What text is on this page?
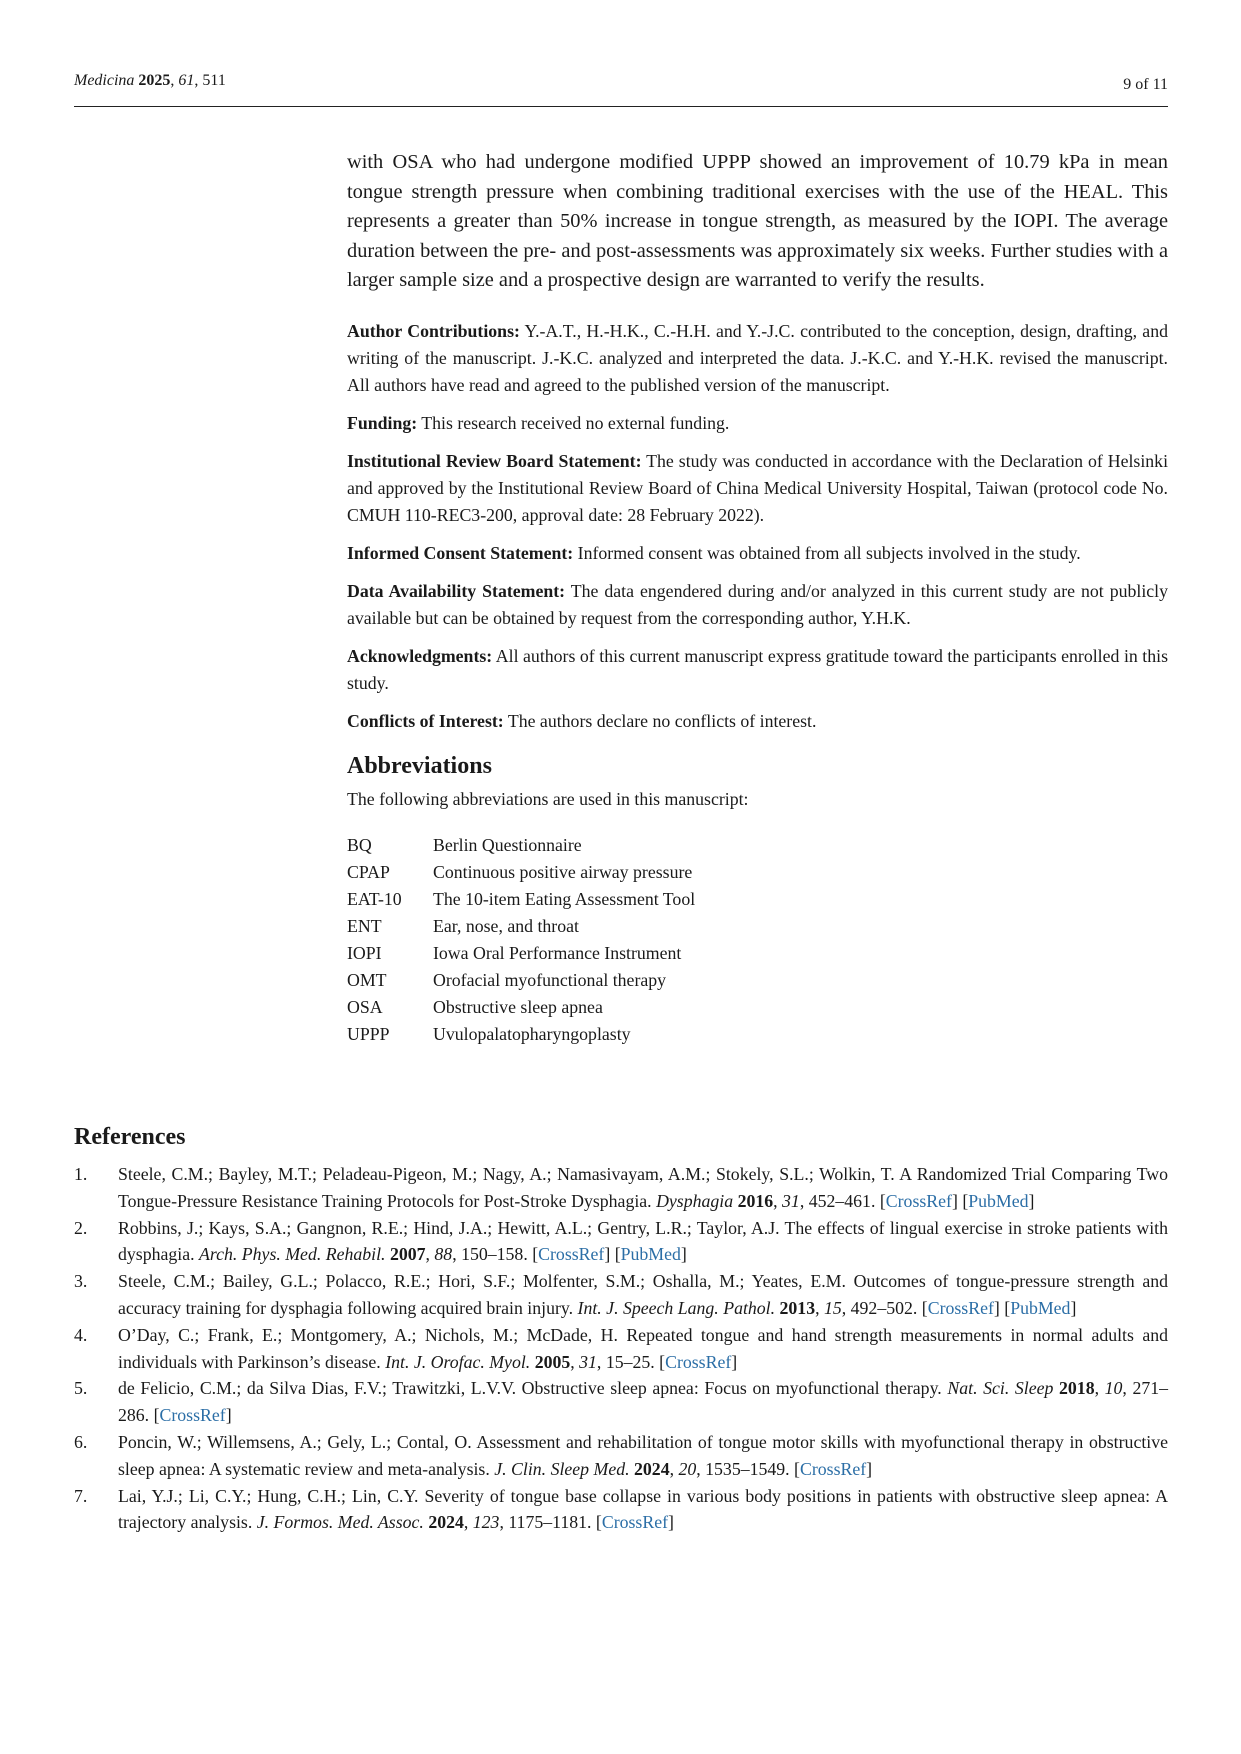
Medicina 2025, 61, 511	9 of 11

with OSA who had undergone modified UPPP showed an improvement of 10.79 kPa in mean tongue strength pressure when combining traditional exercises with the use of the HEAL. This represents a greater than 50% increase in tongue strength, as measured by the IOPI. The average duration between the pre- and post-assessments was approximately six weeks. Further studies with a larger sample size and a prospective design are warranted to verify the results.

Author Contributions: Y.-A.T., H.-H.K., C.-H.H. and Y.-J.C. contributed to the conception, design, drafting, and writing of the manuscript. J.-K.C. analyzed and interpreted the data. J.-K.C. and Y.-H.K. revised the manuscript. All authors have read and agreed to the published version of the manuscript.

Funding: This research received no external funding.

Institutional Review Board Statement: The study was conducted in accordance with the Declaration of Helsinki and approved by the Institutional Review Board of China Medical University Hospital, Taiwan (protocol code No. CMUH 110-REC3-200, approval date: 28 February 2022).

Informed Consent Statement: Informed consent was obtained from all subjects involved in the study.

Data Availability Statement: The data engendered during and/or analyzed in this current study are not publicly available but can be obtained by request from the corresponding author, Y.H.K.

Acknowledgments: All authors of this current manuscript express gratitude toward the participants enrolled in this study.

Conflicts of Interest: The authors declare no conflicts of interest.

Abbreviations

The following abbreviations are used in this manuscript:

BQ	Berlin Questionnaire
CPAP	Continuous positive airway pressure
EAT-10	The 10-item Eating Assessment Tool
ENT	Ear, nose, and throat
IOPI	Iowa Oral Performance Instrument
OMT	Orofacial myofunctional therapy
OSA	Obstructive sleep apnea
UPPP	Uvulopalatopharyngoplasty
References
1. Steele, C.M.; Bayley, M.T.; Peladeau-Pigeon, M.; Nagy, A.; Namasivayam, A.M.; Stokely, S.L.; Wolkin, T. A Randomized Trial Comparing Two Tongue-Pressure Resistance Training Protocols for Post-Stroke Dysphagia. Dysphagia 2016, 31, 452–461. [CrossRef] [PubMed]
2. Robbins, J.; Kays, S.A.; Gangnon, R.E.; Hind, J.A.; Hewitt, A.L.; Gentry, L.R.; Taylor, A.J. The effects of lingual exercise in stroke patients with dysphagia. Arch. Phys. Med. Rehabil. 2007, 88, 150–158. [CrossRef] [PubMed]
3. Steele, C.M.; Bailey, G.L.; Polacco, R.E.; Hori, S.F.; Molfenter, S.M.; Oshalla, M.; Yeates, E.M. Outcomes of tongue-pressure strength and accuracy training for dysphagia following acquired brain injury. Int. J. Speech Lang. Pathol. 2013, 15, 492–502. [CrossRef] [PubMed]
4. O’Day, C.; Frank, E.; Montgomery, A.; Nichols, M.; McDade, H. Repeated tongue and hand strength measurements in normal adults and individuals with Parkinson’s disease. Int. J. Orofac. Myol. 2005, 31, 15–25. [CrossRef]
5. de Felicio, C.M.; da Silva Dias, F.V.; Trawitzki, L.V.V. Obstructive sleep apnea: Focus on myofunctional therapy. Nat. Sci. Sleep 2018, 10, 271–286. [CrossRef]
6. Poncin, W.; Willemsens, A.; Gely, L.; Contal, O. Assessment and rehabilitation of tongue motor skills with myofunctional therapy in obstructive sleep apnea: A systematic review and meta-analysis. J. Clin. Sleep Med. 2024, 20, 1535–1549. [CrossRef]
7. Lai, Y.J.; Li, C.Y.; Hung, C.H.; Lin, C.Y. Severity of tongue base collapse in various body positions in patients with obstructive sleep apnea: A trajectory analysis. J. Formos. Med. Assoc. 2024, 123, 1175–1181. [CrossRef]
